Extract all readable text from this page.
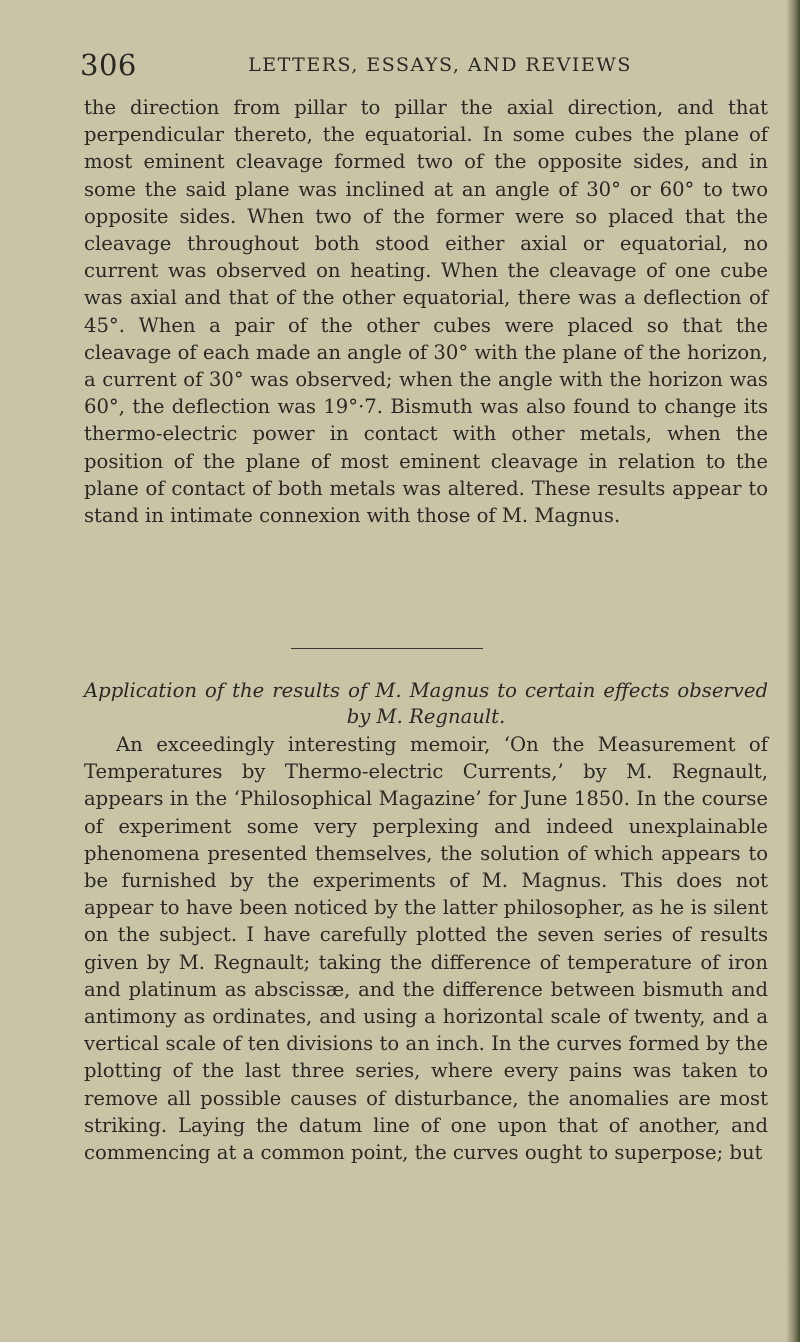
306	LETTERS, ESSAYS, AND REVIEWS
the direction from pillar to pillar the axial direction, and that perpendicular thereto, the equatorial. In some cubes the plane of most eminent cleavage formed two of the opposite sides, and in some the said plane was inclined at an angle of 30° or 60° to two opposite sides. When two of the former were so placed that the cleavage throughout both stood either axial or equatorial, no current was observed on heating. When the cleavage of one cube was axial and that of the other equatorial, there was a deflection of 45°. When a pair of the other cubes were placed so that the cleavage of each made an angle of 30° with the plane of the horizon, a current of 30° was observed; when the angle with the horizon was 60°, the deflection was 19°·7. Bismuth was also found to change its thermo-electric power in contact with other metals, when the position of the plane of most eminent cleavage in relation to the plane of contact of both metals was altered. These results appear to stand in intimate connexion with those of M. Magnus.
Application of the results of M. Magnus to certain effects observed
by M. Regnault.
An exceedingly interesting memoir, ‘On the Measurement of Temperatures by Thermo-electric Currents,’ by M. Regnault, appears in the ‘Philosophical Magazine’ for June 1850. In the course of experiment some very perplexing and indeed unexplainable phenomena presented themselves, the solution of which appears to be furnished by the experiments of M. Magnus. This does not appear to have been noticed by the latter philosopher, as he is silent on the subject. I have carefully plotted the seven series of results given by M. Regnault; taking the difference of temperature of iron and platinum as abscissæ, and the difference between bismuth and antimony as ordinates, and using a horizontal scale of twenty, and a vertical scale of ten divisions to an inch. In the curves formed by the plotting of the last three series, where every pains was taken to remove all possible causes of disturbance, the anomalies are most striking. Laying the datum line of one upon that of another, and commencing at a common point, the curves ought to superpose; but
